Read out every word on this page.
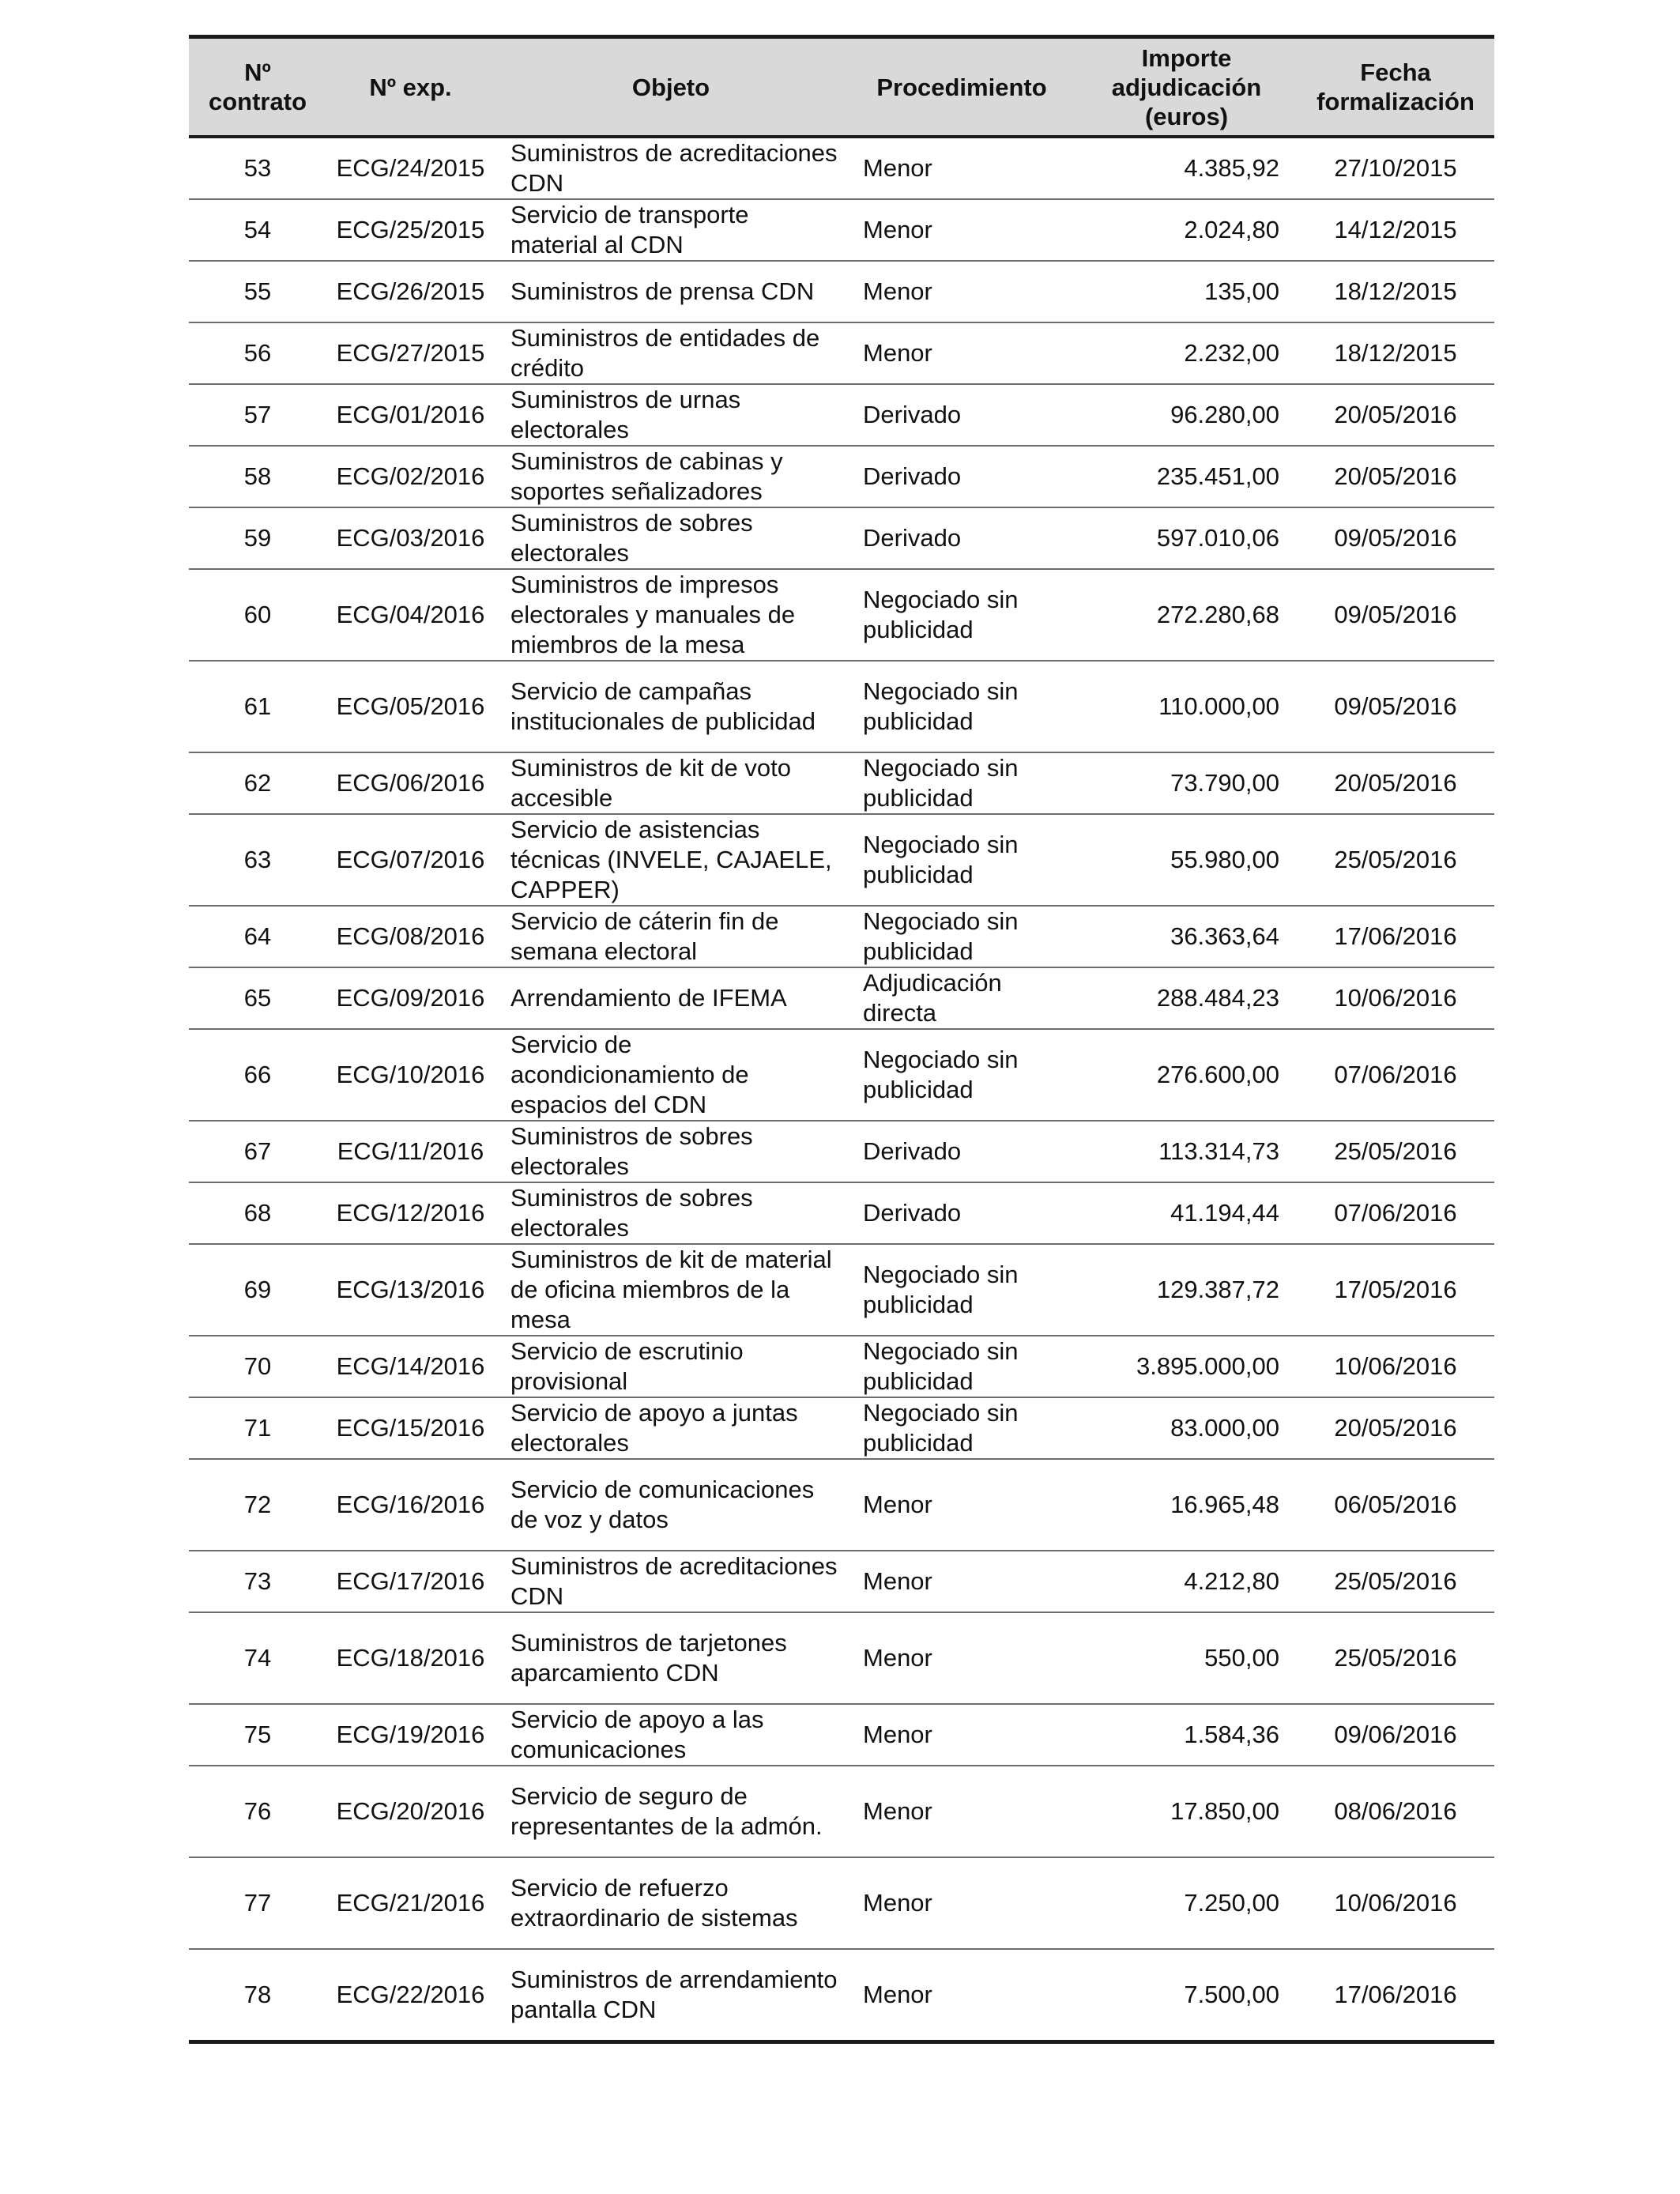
Nº contrato	Nº exp.	Objeto	Procedimiento	Importe adjudicación (euros)	Fecha formalización
53	ECG/24/2015	Suministros de acreditaciones CDN	Menor	4.385,92	27/10/2015
54	ECG/25/2015	Servicio de transporte material al CDN	Menor	2.024,80	14/12/2015
55	ECG/26/2015	Suministros de prensa CDN	Menor	135,00	18/12/2015
56	ECG/27/2015	Suministros de entidades de crédito	Menor	2.232,00	18/12/2015
57	ECG/01/2016	Suministros de urnas electorales	Derivado	96.280,00	20/05/2016
58	ECG/02/2016	Suministros de cabinas y soportes señalizadores	Derivado	235.451,00	20/05/2016
59	ECG/03/2016	Suministros de sobres electorales	Derivado	597.010,06	09/05/2016
60	ECG/04/2016	Suministros de impresos electorales y manuales de miembros de la mesa	Negociado sin publicidad	272.280,68	09/05/2016
61	ECG/05/2016	Servicio de campañas institucionales de publicidad	Negociado sin publicidad	110.000,00	09/05/2016
62	ECG/06/2016	Suministros de kit de voto accesible	Negociado sin publicidad	73.790,00	20/05/2016
63	ECG/07/2016	Servicio de asistencias técnicas (INVELE, CAJAELE, CAPPER)	Negociado sin publicidad	55.980,00	25/05/2016
64	ECG/08/2016	Servicio de cáterin fin de semana electoral	Negociado sin publicidad	36.363,64	17/06/2016
65	ECG/09/2016	Arrendamiento de IFEMA	Adjudicación directa	288.484,23	10/06/2016
66	ECG/10/2016	Servicio de acondicionamiento de espacios del CDN	Negociado sin publicidad	276.600,00	07/06/2016
67	ECG/11/2016	Suministros de sobres electorales	Derivado	113.314,73	25/05/2016
68	ECG/12/2016	Suministros de sobres electorales	Derivado	41.194,44	07/06/2016
69	ECG/13/2016	Suministros de kit de material de oficina miembros de la mesa	Negociado sin publicidad	129.387,72	17/05/2016
70	ECG/14/2016	Servicio de escrutinio provisional	Negociado sin publicidad	3.895.000,00	10/06/2016
71	ECG/15/2016	Servicio de apoyo a juntas electorales	Negociado sin publicidad	83.000,00	20/05/2016
72	ECG/16/2016	Servicio de comunicaciones de voz y datos	Menor	16.965,48	06/05/2016
73	ECG/17/2016	Suministros de acreditaciones CDN	Menor	4.212,80	25/05/2016
74	ECG/18/2016	Suministros de tarjetones aparcamiento CDN	Menor	550,00	25/05/2016
75	ECG/19/2016	Servicio de apoyo a las comunicaciones	Menor	1.584,36	09/06/2016
76	ECG/20/2016	Servicio de seguro de representantes de la admón.	Menor	17.850,00	08/06/2016
77	ECG/21/2016	Servicio de refuerzo extraordinario de sistemas	Menor	7.250,00	10/06/2016
78	ECG/22/2016	Suministros de arrendamiento pantalla CDN	Menor	7.500,00	17/06/2016
